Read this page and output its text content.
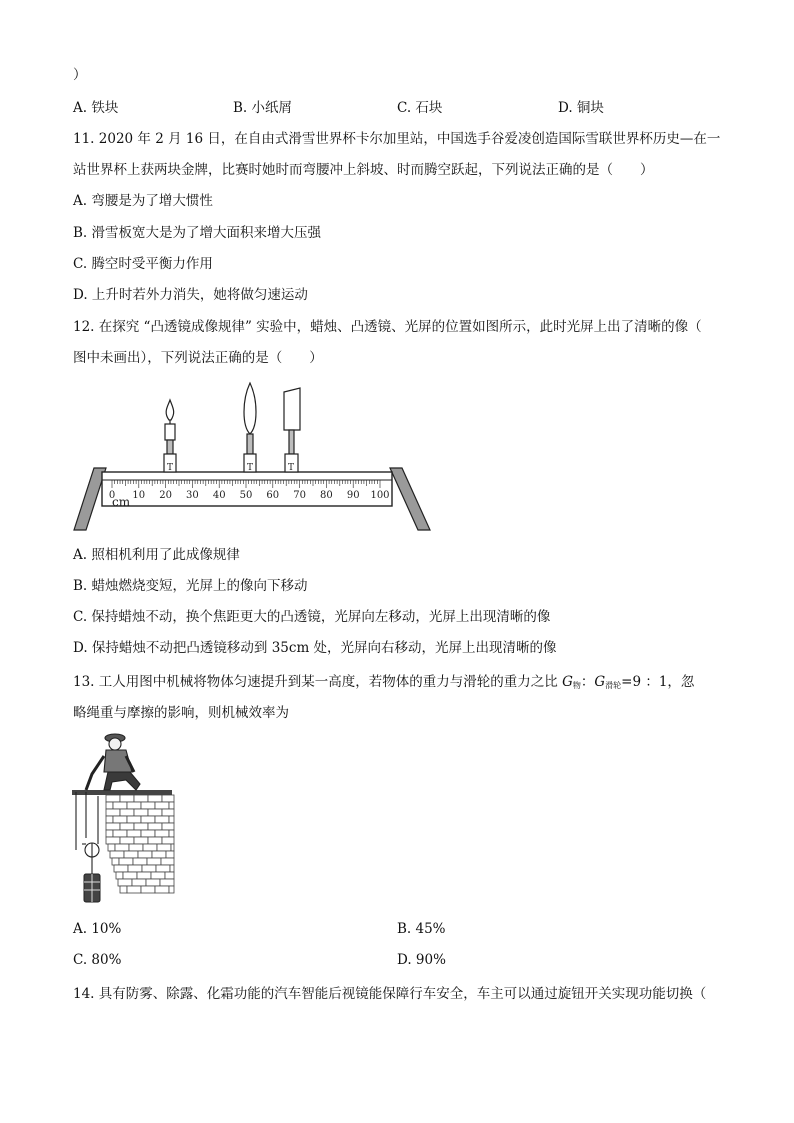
）
A. 铁块	B. 小纸屑	C. 石块	D. 铜块
11. 2020 年 2 月 16 日，在自由式滑雪世界杯卡尔加里站，中国选手谷爱凌创造国际雪联世界杯历史—在一
站世界杯上获两块金牌，比赛时她时而弯腰冲上斜坡、时而腾空跃起，下列说法正确的是（　　）
A. 弯腰是为了增大惯性
B. 滑雪板宽大是为了增大面积来增大压强
C. 腾空时受平衡力作用
D. 上升时若外力消失，她将做匀速运动
12. 在探究 “凸透镜成像规律” 实验中，蜡烛、凸透镜、光屏的位置如图所示，此时光屏上出了清晰的像（
图中未画出），下列说法正确的是（　　）
0 10 20 30 40 50 60 70 80 90 100
T	T	T
cm
A. 照相机利用了此成像规律
B. 蜡烛燃烧变短，光屏上的像向下移动
C. 保持蜡烛不动，换个焦距更大的凸透镜，光屏向左移动，光屏上出现清晰的像
D. 保持蜡烛不动把凸透镜移动到 35cm 处，光屏向右移动，光屏上出现清晰的像
13. 工人用图中机械将物体匀速提升到某一高度，若物体的重力与滑轮的重力之比 $G_物$：$G_{滑轮}=9$ ：1，忽
略绳重与摩擦的影响，则机械效率为
A. 10%	B. 45%
C. 80%	D. 90%
14. 具有防雾、除露、化霜功能的汽车智能后视镜能保障行车安全，车主可以通过旋钮开关实现功能切换（
